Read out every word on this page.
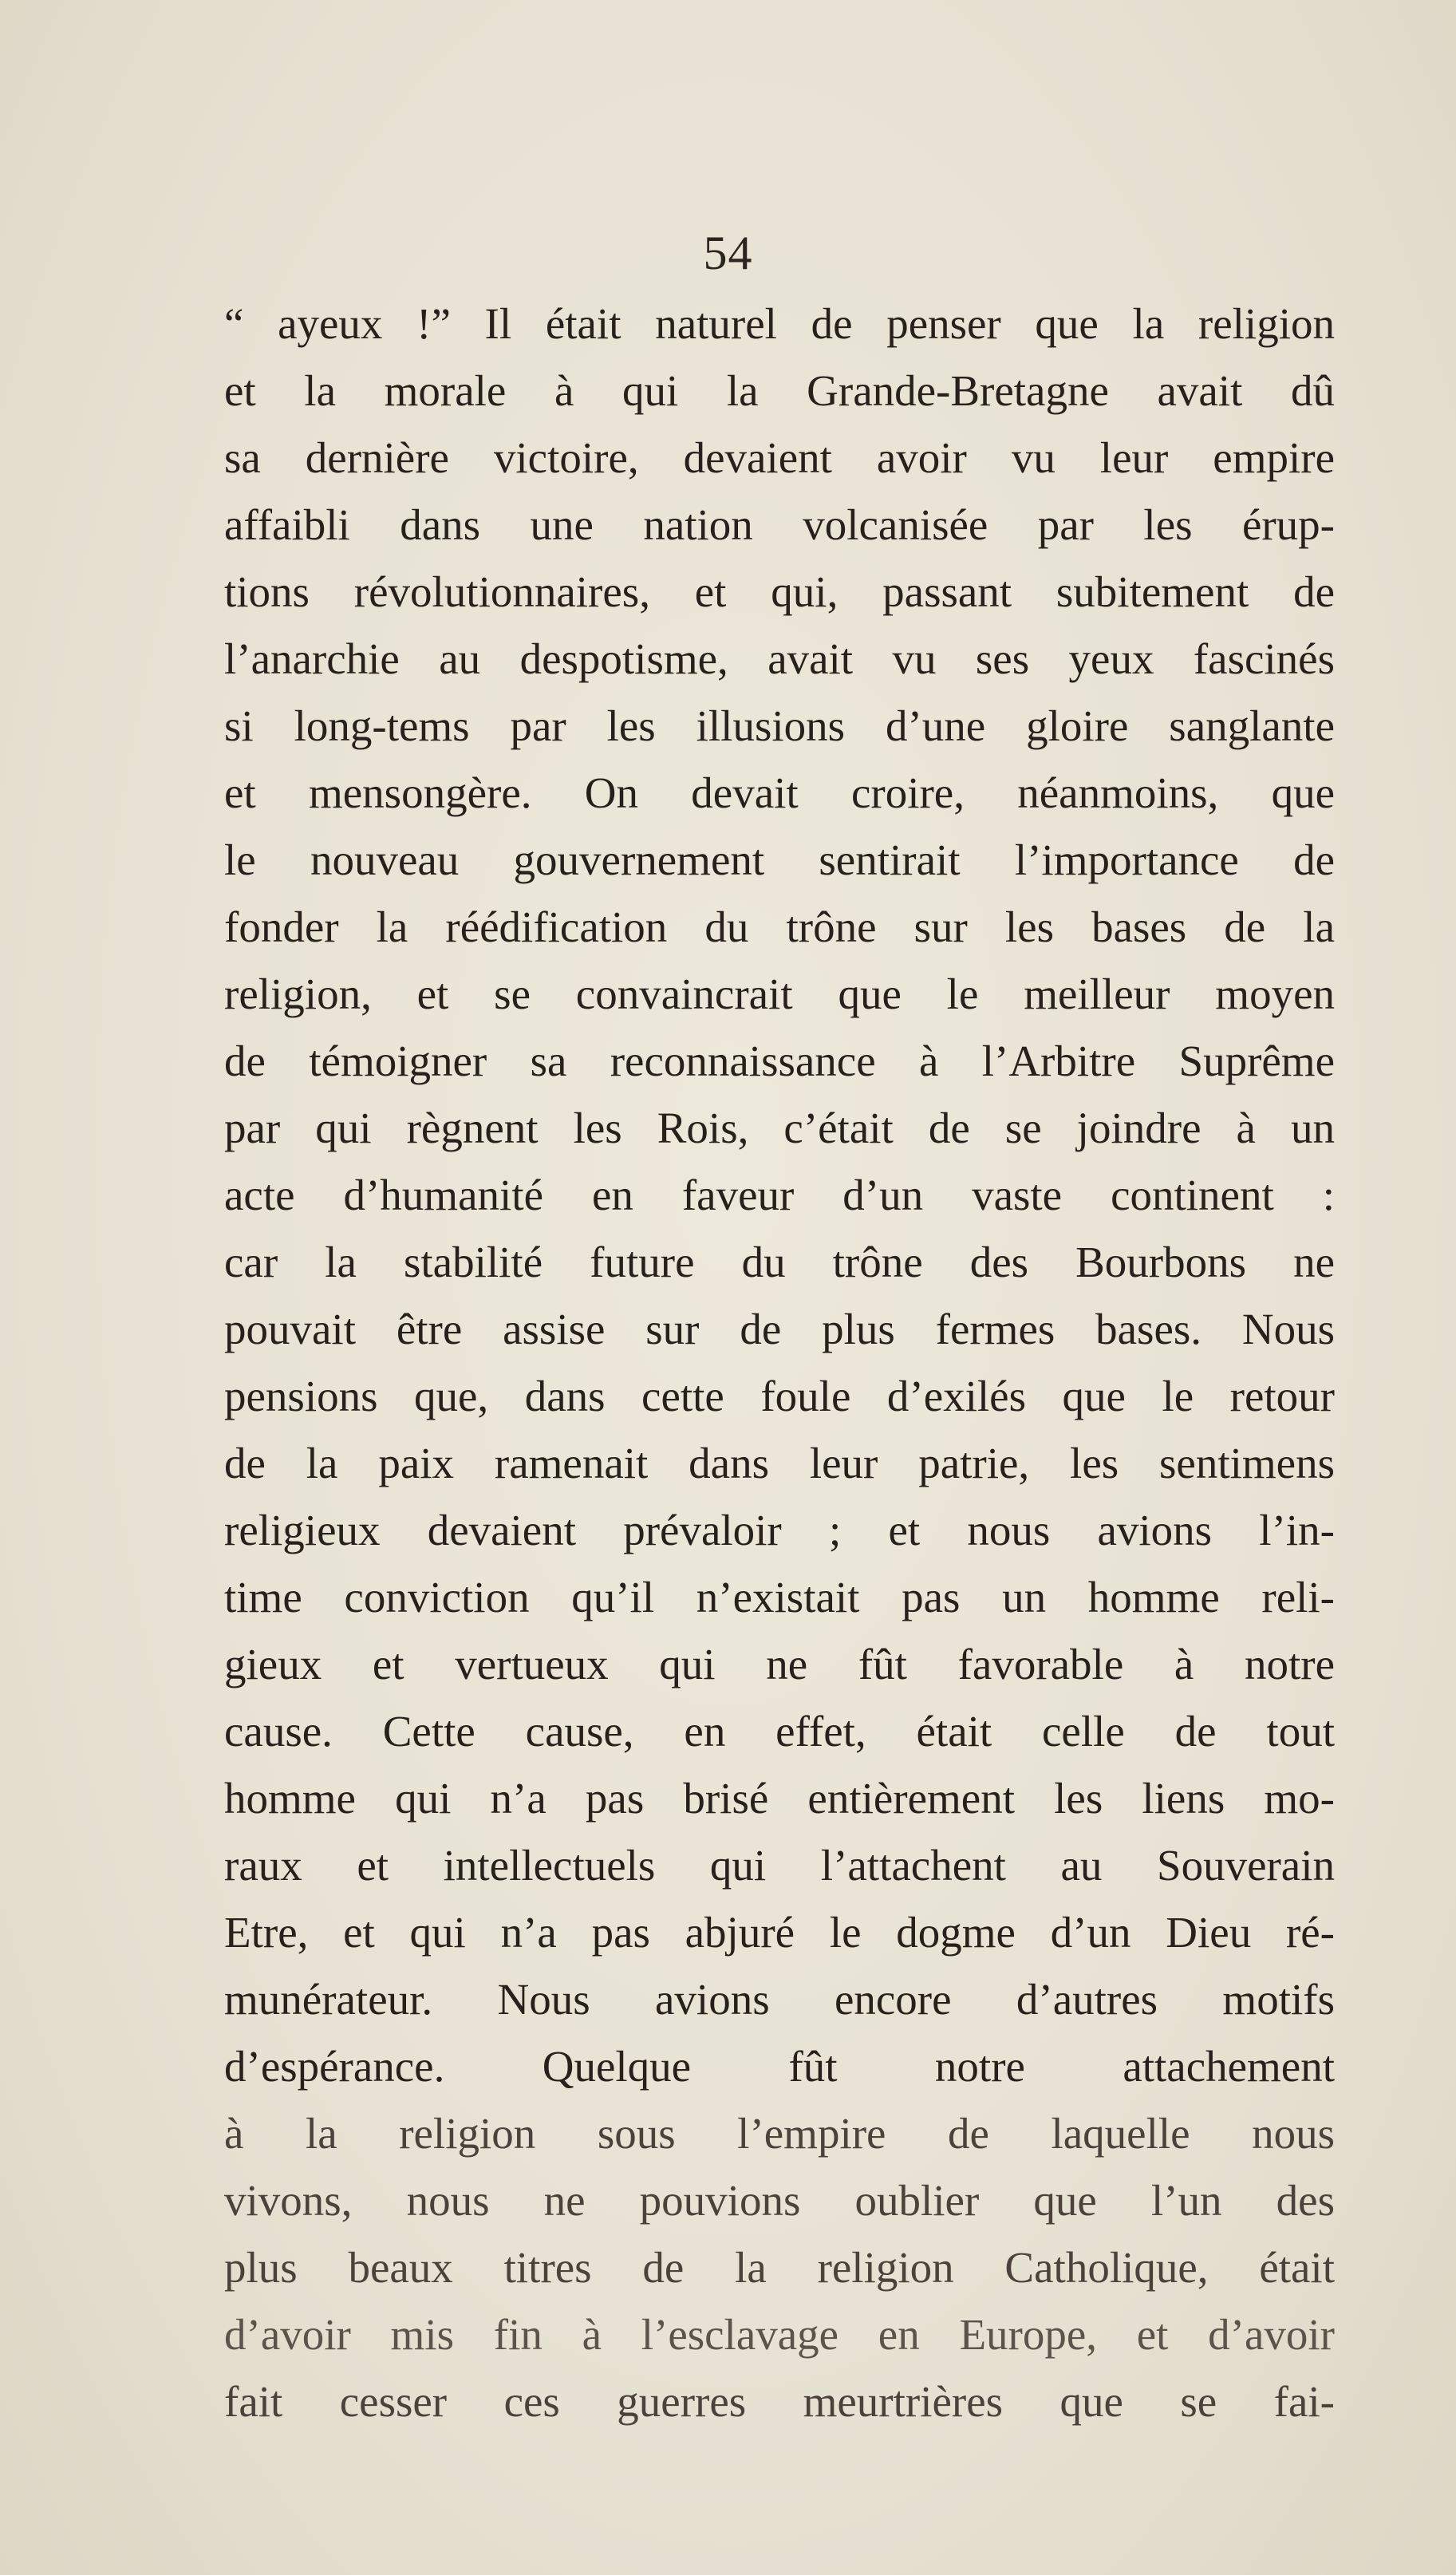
54
“ ayeux !” Il était naturel de penser que la religion
et la morale à qui la Grande-Bretagne avait dû
sa dernière victoire, devaient avoir vu leur empire
affaibli dans une nation volcanisée par les érup-
tions révolutionnaires, et qui, passant subitement de
l’anarchie au despotisme, avait vu ses yeux fascinés
si long-tems par les illusions d’une gloire sanglante
et mensongère. On devait croire, néanmoins, que
le nouveau gouvernement sentirait l’importance de
fonder la réédification du trône sur les bases de la
religion, et se convaincrait que le meilleur moyen
de témoigner sa reconnaissance à l’Arbitre Suprême
par qui règnent les Rois, c’était de se joindre à un
acte d’humanité en faveur d’un vaste continent :
car la stabilité future du trône des Bourbons ne
pouvait être assise sur de plus fermes bases. Nous
pensions que, dans cette foule d’exilés que le retour
de la paix ramenait dans leur patrie, les sentimens
religieux devaient prévaloir ; et nous avions l’in-
time conviction qu’il n’existait pas un homme reli-
gieux et vertueux qui ne fût favorable à notre
cause. Cette cause, en effet, était celle de tout
homme qui n’a pas brisé entièrement les liens mo-
raux et intellectuels qui l’attachent au Souverain
Etre, et qui n’a pas abjuré le dogme d’un Dieu ré-
munérateur. Nous avions encore d’autres motifs
d’espérance. Quelque fût notre attachement
à la religion sous l’empire de laquelle nous
vivons, nous ne pouvions oublier que l’un des
plus beaux titres de la religion Catholique, était
d’avoir mis fin à l’esclavage en Europe, et d’avoir
fait cesser ces guerres meurtrières que se fai-
